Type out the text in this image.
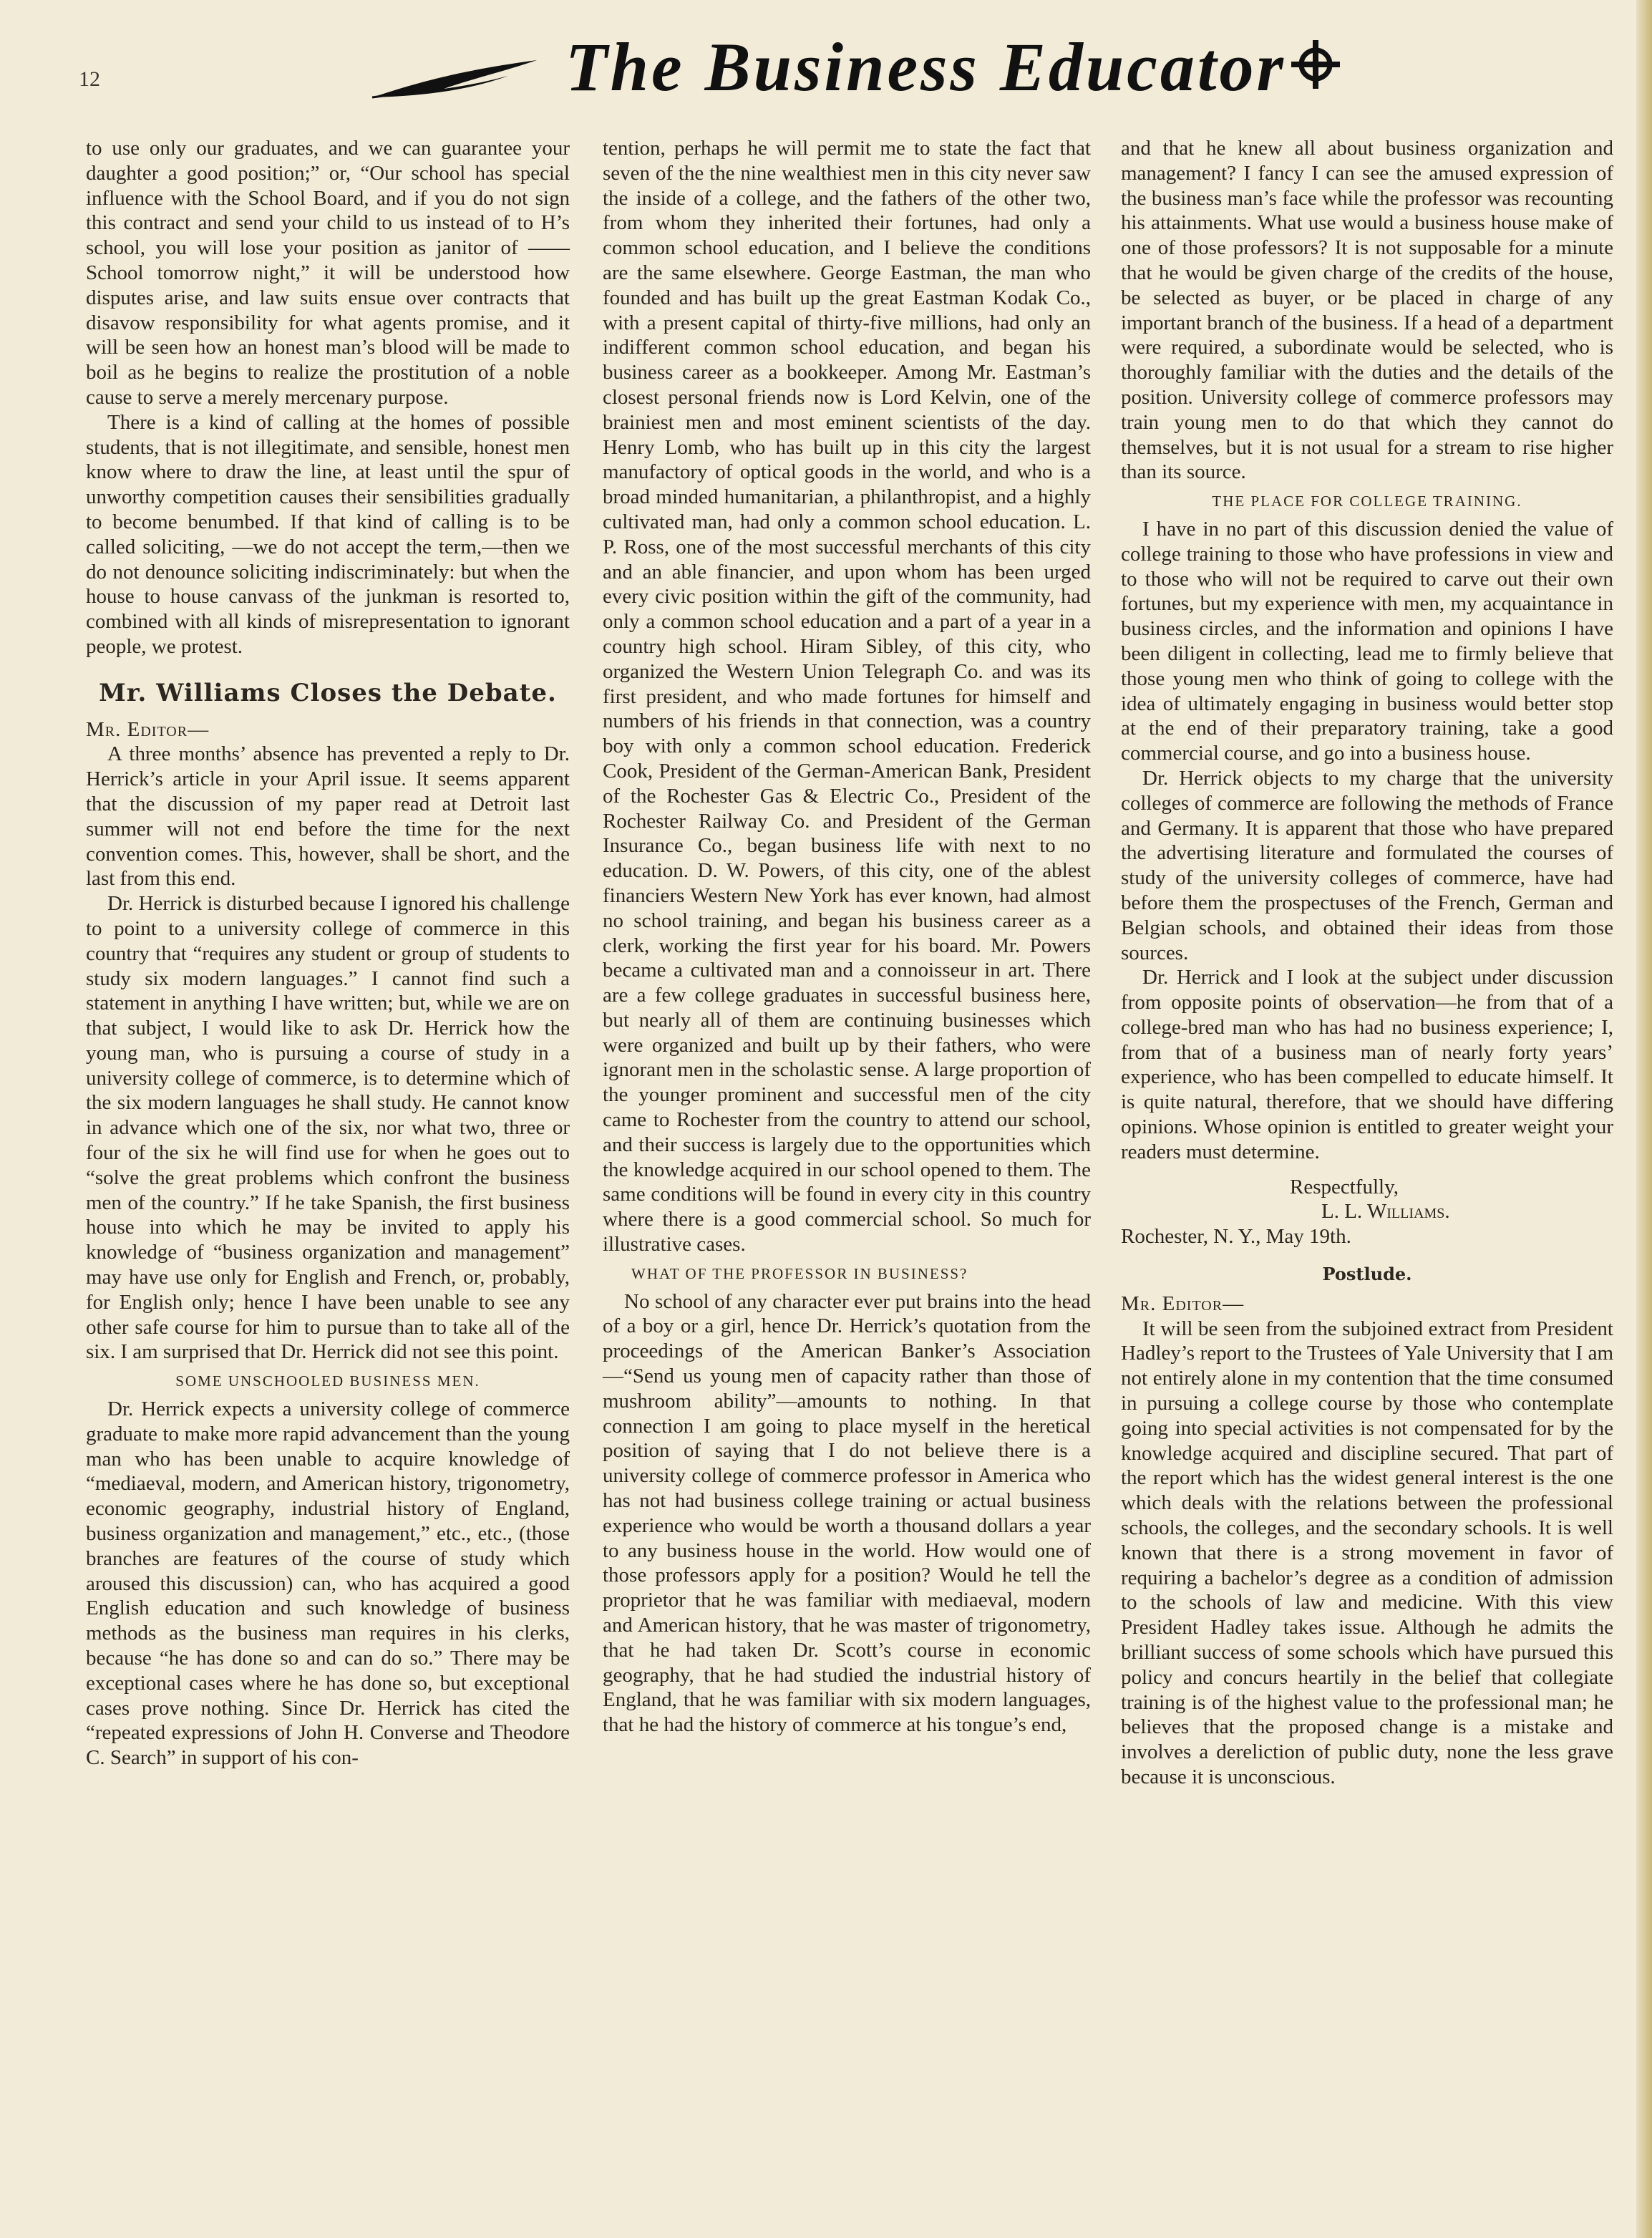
12	The Business Educator

to use only our graduates, and we can guarantee your daughter a good position;” or, “Our school has special influence with the School Board, and if you do not sign this contract and send your child to us instead of to H’s school, you will lose your position as janitor of —— School tomorrow night,” it will be understood how disputes arise, and law suits ensue over contracts that disavow responsibility for what agents promise, and it will be seen how an honest man’s blood will be made to boil as he begins to realize the prostitution of a noble cause to serve a merely mercenary purpose.

There is a kind of calling at the homes of possible students, that is not illegitimate, and sensible, honest men know where to draw the line, at least until the spur of unworthy competition causes their sensibilities gradually to become benumbed. If that kind of calling is to be called soliciting, —we do not accept the term,—then we do not denounce soliciting indiscriminately: but when the house to house canvass of the junkman is resorted to, combined with all kinds of misrepresentation to ignorant people, we protest.

Mr. Williams Closes the Debate.
Mr. Editor—

A three months’ absence has prevented a reply to Dr. Herrick’s article in your April issue. It seems apparent that the discussion of my paper read at Detroit last summer will not end before the time for the next convention comes. This, however, shall be short, and the last from this end.

Dr. Herrick is disturbed because I ignored his challenge to point to a university college of commerce in this country that “requires any student or group of students to study six modern languages.” I cannot find such a statement in anything I have written; but, while we are on that subject, I would like to ask Dr. Herrick how the young man, who is pursuing a course of study in a university college of commerce, is to determine which of the six modern languages he shall study. He cannot know in advance which one of the six, nor what two, three or four of the six he will find use for when he goes out to “solve the great problems which confront the business men of the country.” If he take Spanish, the first business house into which he may be invited to apply his knowledge of “business organization and management” may have use only for English and French, or, probably, for English only; hence I have been unable to see any other safe course for him to pursue than to take all of the six. I am surprised that Dr. Herrick did not see this point.

SOME UNSCHOOLED BUSINESS MEN.

Dr. Herrick expects a university college of commerce graduate to make more rapid advancement than the young man who has been unable to acquire knowledge of “mediaeval, modern, and American history, trigonometry, economic geography, industrial history of England, business organization and management,” etc., etc., (those branches are features of the course of study which aroused this discussion) can, who has acquired a good English education and such knowledge of business methods as the business man requires in his clerks, because “he has done so and can do so.” There may be exceptional cases where he has done so, but exceptional cases prove nothing. Since Dr. Herrick has cited the “repeated expressions of John H. Converse and Theodore C. Search” in support of his con-

tention, perhaps he will permit me to state the fact that seven of the the nine wealthiest men in this city never saw the inside of a college, and the fathers of the other two, from whom they inherited their fortunes, had only a common school education, and I believe the conditions are the same elsewhere. George Eastman, the man who founded and has built up the great Eastman Kodak Co., with a present capital of thirty-five millions, had only an indifferent common school education, and began his business career as a bookkeeper. Among Mr. Eastman’s closest personal friends now is Lord Kelvin, one of the brainiest men and most eminent scientists of the day. Henry Lomb, who has built up in this city the largest manufactory of optical goods in the world, and who is a broad minded humanitarian, a philanthropist, and a highly cultivated man, had only a common school education. L. P. Ross, one of the most successful merchants of this city and an able financier, and upon whom has been urged every civic position within the gift of the community, had only a common school education and a part of a year in a country high school. Hiram Sibley, of this city, who organized the Western Union Telegraph Co. and was its first president, and who made fortunes for himself and numbers of his friends in that connection, was a country boy with only a common school education. Frederick Cook, President of the German-American Bank, President of the Rochester Gas & Electric Co., President of the Rochester Railway Co. and President of the German Insurance Co., began business life with next to no education. D. W. Powers, of this city, one of the ablest financiers Western New York has ever known, had almost no school training, and began his business career as a clerk, working the first year for his board. Mr. Powers became a cultivated man and a connoisseur in art. There are a few college graduates in successful business here, but nearly all of them are continuing businesses which were organized and built up by their fathers, who were ignorant men in the scholastic sense. A large proportion of the younger prominent and successful men of the city came to Rochester from the country to attend our school, and their success is largely due to the opportunities which the knowledge acquired in our school opened to them. The same conditions will be found in every city in this country where there is a good commercial school. So much for illustrative cases.

WHAT OF THE PROFESSOR IN BUSINESS?

No school of any character ever put brains into the head of a boy or a girl, hence Dr. Herrick’s quotation from the proceedings of the American Banker’s Association—“Send us young men of capacity rather than those of mushroom ability”—amounts to nothing. In that connection I am going to place myself in the heretical position of saying that I do not believe there is a university college of commerce professor in America who has not had business college training or actual business experience who would be worth a thousand dollars a year to any business house in the world. How would one of those professors apply for a position? Would he tell the proprietor that he was familiar with mediaeval, modern and American history, that he was master of trigonometry, that he had taken Dr. Scott’s course in economic geography, that he had studied the industrial history of England, that he was familiar with six modern languages, that he had the history of commerce at his tongue’s end,

and that he knew all about business organization and management? I fancy I can see the amused expression of the business man’s face while the professor was recounting his attainments. What use would a business house make of one of those professors? It is not supposable for a minute that he would be given charge of the credits of the house, be selected as buyer, or be placed in charge of any important branch of the business. If a head of a department were required, a subordinate would be selected, who is thoroughly familiar with the duties and the details of the position. University college of commerce professors may train young men to do that which they cannot do themselves, but it is not usual for a stream to rise higher than its source.

THE PLACE FOR COLLEGE TRAINING.

I have in no part of this discussion denied the value of college training to those who have professions in view and to those who will not be required to carve out their own fortunes, but my experience with men, my acquaintance in business circles, and the information and opinions I have been diligent in collecting, lead me to firmly believe that those young men who think of going to college with the idea of ultimately engaging in business would better stop at the end of their preparatory training, take a good commercial course, and go into a business house.

Dr. Herrick objects to my charge that the university colleges of commerce are following the methods of France and Germany. It is apparent that those who have prepared the advertising literature and formulated the courses of study of the university colleges of commerce, have had before them the prospectuses of the French, German and Belgian schools, and obtained their ideas from those sources.

Dr. Herrick and I look at the subject under discussion from opposite points of observation—he from that of a college-bred man who has had no business experience; I, from that of a business man of nearly forty years’ experience, who has been compelled to educate himself. It is quite natural, therefore, that we should have differing opinions. Whose opinion is entitled to greater weight your readers must determine.

Respectfully,
L. L. Williams.
Rochester, N. Y., May 19th.
Postlude.
Mr. Editor—

It will be seen from the subjoined extract from President Hadley’s report to the Trustees of Yale University that I am not entirely alone in my contention that the time consumed in pursuing a college course by those who contemplate going into special activities is not compensated for by the knowledge acquired and discipline secured. That part of the report which has the widest general interest is the one which deals with the relations between the professional schools, the colleges, and the secondary schools. It is well known that there is a strong movement in favor of requiring a bachelor’s degree as a condition of admission to the schools of law and medicine. With this view President Hadley takes issue. Although he admits the brilliant success of some schools which have pursued this policy and concurs heartily in the belief that collegiate training is of the highest value to the professional man; he believes that the proposed change is a mistake and involves a dereliction of public duty, none the less grave because it is unconscious.
